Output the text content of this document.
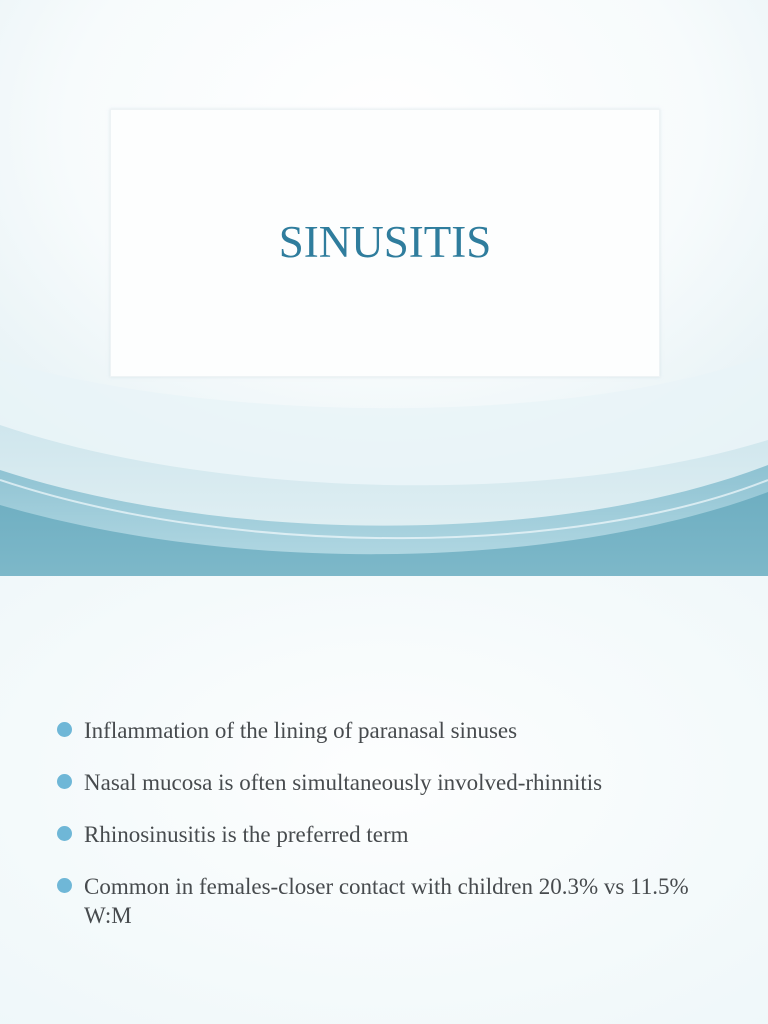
SINUSITIS
Inflammation of the lining of paranasal sinuses
Nasal mucosa is often simultaneously involved-rhinnitis
Rhinosinusitis is the preferred term
Common in females-closer contact with children 20.3% vs 11.5% W:M
